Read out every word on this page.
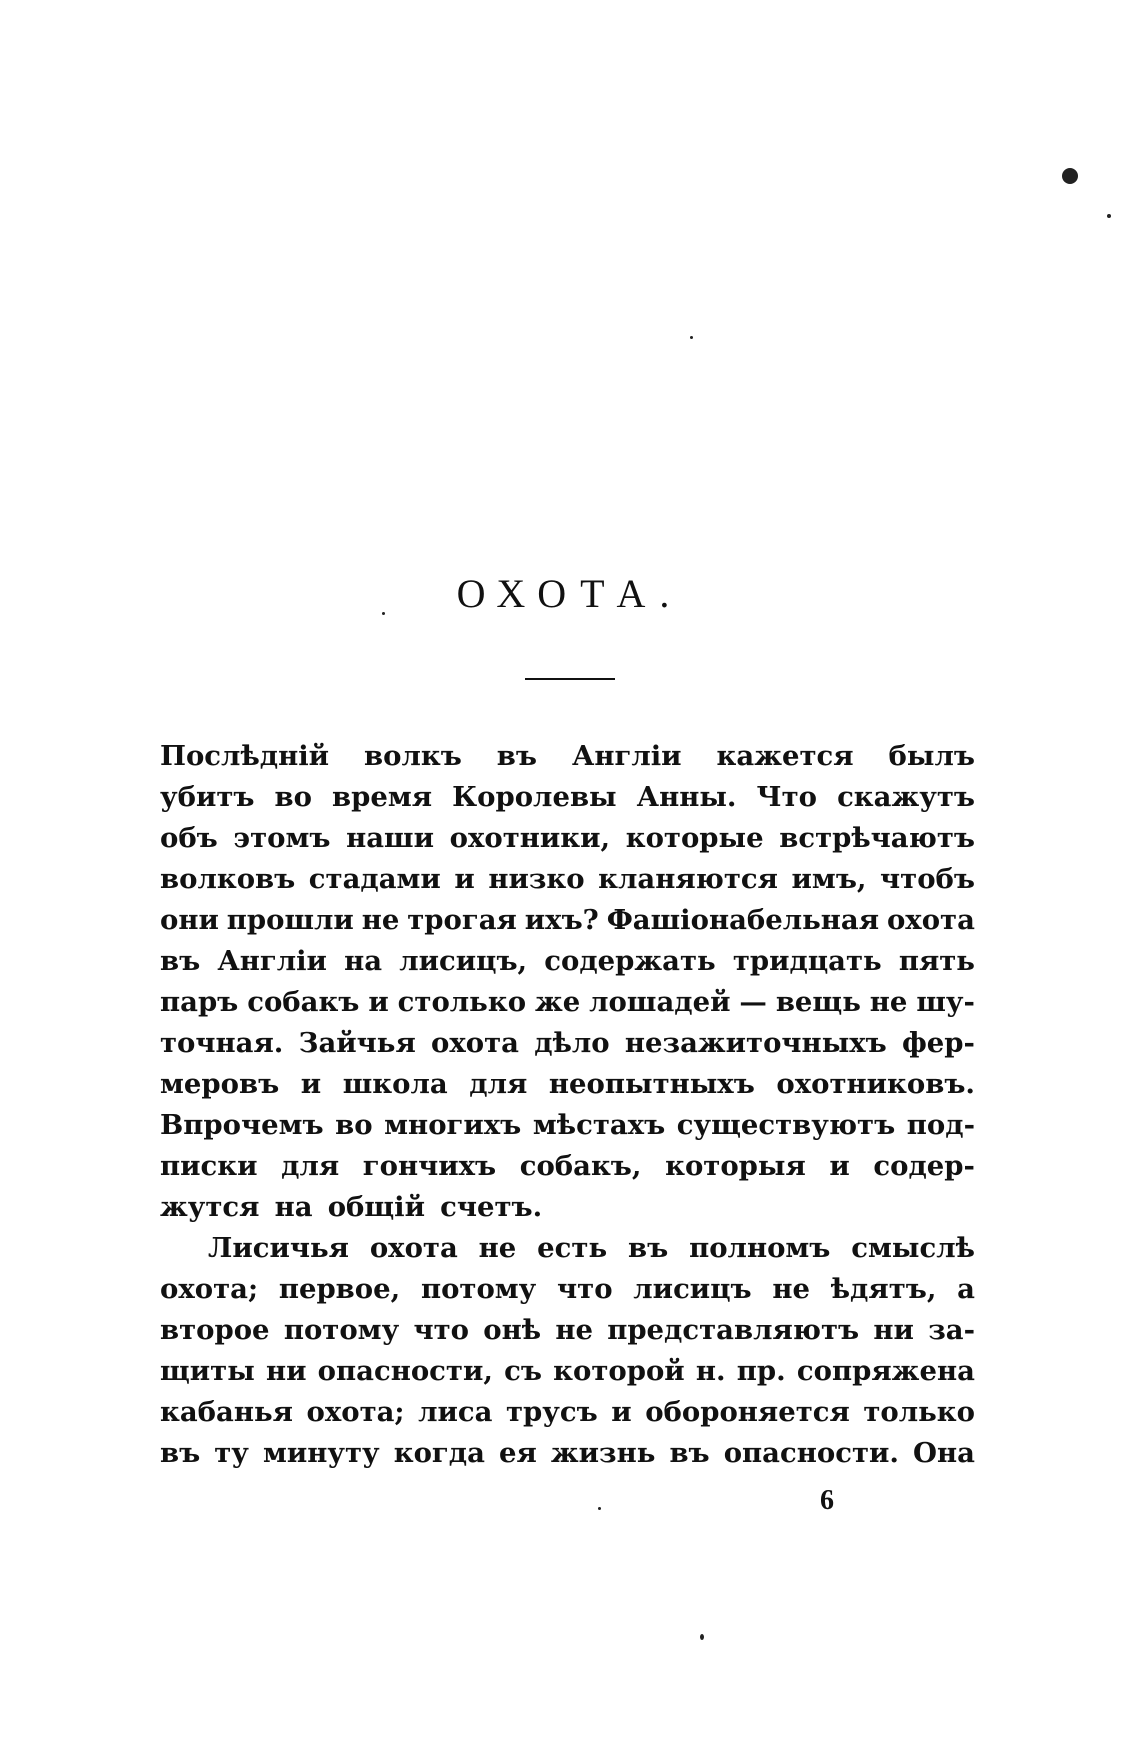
ОХОТА.
Послѣднiй волкъ въ Англiи кажется былъ
убитъ во время Королевы Анны. Что скажутъ
объ этомъ наши охотники, которые встрѣчаютъ
волковъ стадами и низко кланяются имъ, чтобъ
они прошли не трогая ихъ? Фашiонабельная охота
въ Англiи на лисицъ, содержать тридцать пять
паръ собакъ и столько же лошадей — вещь не шу-
точная. Зайчья охота дѣло незажиточныхъ фер-
меровъ и школа для неопытныхъ охотниковъ.
Впрочемъ во многихъ мѣстахъ существуютъ под-
писки для гончихъ собакъ, которыя и содер-
жутся на общiй счетъ.
Лисичья охота не есть въ полномъ смыслѣ
охота; первое, потому что лисицъ не ѣдятъ, а
второе потому что онѣ не представляютъ ни за-
щиты ни опасности, съ которой н. пр. сопряжена
кабанья охота; лиса трусъ и обороняется только
въ ту минуту когда ея жизнь въ опасности. Она
6
